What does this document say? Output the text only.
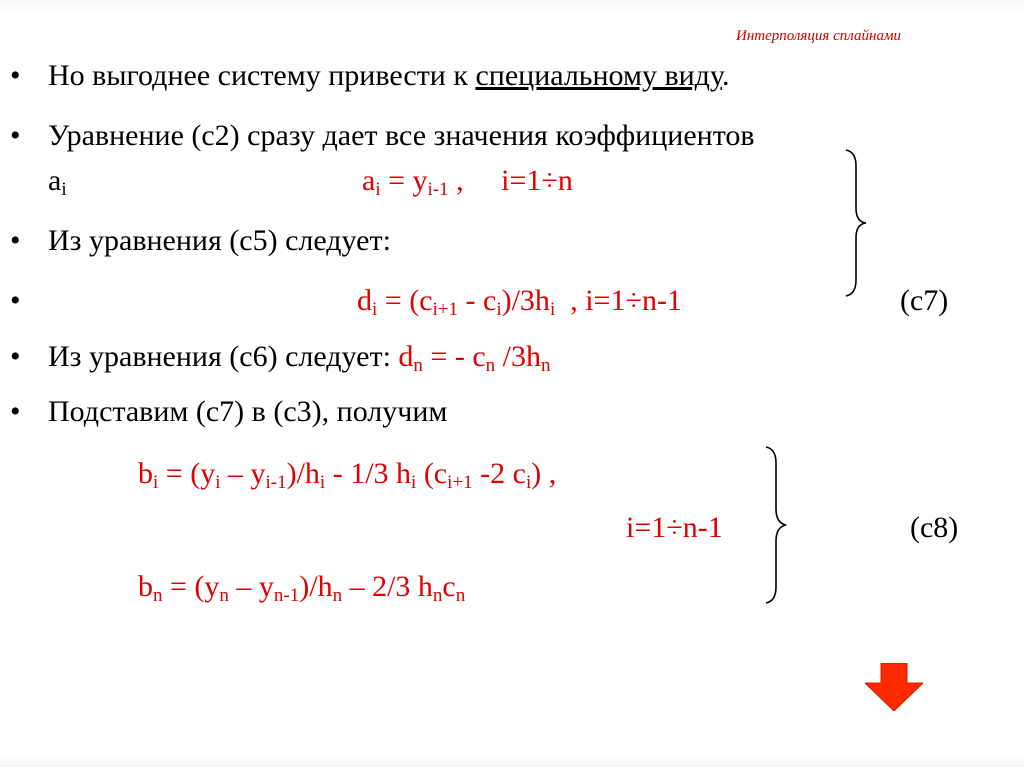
Интерполяция сплайнами
• Но выгоднее систему привести к специальному виду.
• Уравнение (c2) сразу дает все значения коэффициентов
$a_i$	$a_i = y_{i-1}$ ,     i=1÷n
• Из уравнения (c5) следует:
•	$d_i = (c_{i+1} - c_i)/3h_i$  , i=1÷n-1	(c7)
• Из уравнения (c6) следует: $d_n$ = - $c_n$ $/3h_n$
• Подставим (c7) в (c3), получим
$b_i = (y_i - y_{i-1})/h_i - 1/3$ $h_i$ ($c_{i+1}$ -2 $c_i$) ,
i=1÷n-1	(c8)
$b_n = (y_n - y_{n-1})/h_n - 2/3$ $h_nc_n$
